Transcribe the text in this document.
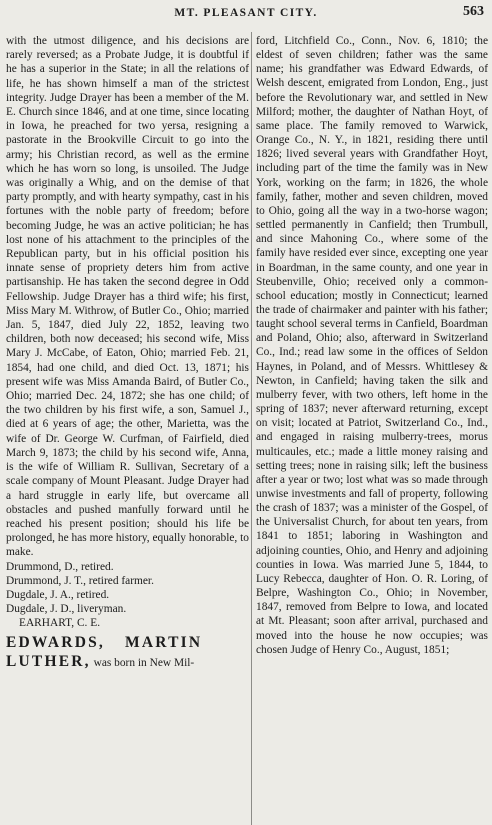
MT. PLEASANT CITY.	563

with the utmost diligence, and his decisions are rarely reversed; as a Probate Judge, it is doubtful if he has a superior in the State; in all the relations of life, he has shown himself a man of the strictest integrity. Judge Drayer has been a member of the M. E. Church since 1846, and at one time, since locating in Iowa, he preached for two yersa, resigning a pastorate in the Brookville Circuit to go into the army; his Christian record, as well as the ermine which he has worn so long, is unsoiled. The Judge was originally a Whig, and on the demise of that party promptly, and with hearty sympathy, cast in his fortunes with the noble party of freedom; before becoming Judge, he was an active politician; he has lost none of his attachment to the principles of the Republican party, but in his official position his innate sense of propriety deters him from active partisanship. He has taken the second degree in Odd Fellowship. Judge Drayer has a third wife; his first, Miss Mary M. Withrow, of Butler Co., Ohio; married Jan. 5, 1847, died July 22, 1852, leaving two children, both now deceased; his second wife, Miss Mary J. McCabe, of Eaton, Ohio; married Feb. 21, 1854, had one child, and died Oct. 13, 1871; his present wife was Miss Amanda Baird, of Butler Co., Ohio; married Dec. 24, 1872; she has one child; of the two children by his first wife, a son, Samuel J., died at 6 years of age; the other, Marietta, was the wife of Dr. George W. Curfman, of Fairfield, died March 9, 1873; the child by his second wife, Anna, is the wife of William R. Sullivan, Secretary of a scale company of Mount Pleasant. Judge Drayer had a hard struggle in early life, but overcame all obstacles and pushed manfully forward until he reached his present position; should his life be prolonged, he has more history, equally honorable, to make.

Drummond, D., retired.

Drummond, J. T., retired farmer.

Dugdale, J. A., retired.

Dugdale, J. D., liveryman.

EARHART, C. E.

EDWARDS, MARTIN
LUTHER, was born in New Mil-

ford, Litchfield Co., Conn., Nov. 6, 1810; the eldest of seven children; father was the same name; his grandfather was Edward Edwards, of Welsh descent, emigrated from London, Eng., just before the Revolutionary war, and settled in New Milford; mother, the daughter of Nathan Hoyt, of same place. The family removed to Warwick, Orange Co., N. Y., in 1821, residing there until 1826; lived several years with Grandfather Hoyt, including part of the time the family was in New York, working on the farm; in 1826, the whole family, father, mother and seven children, moved to Ohio, going all the way in a two-horse wagon; settled permanently in Canfield; then Trumbull, and since Mahoning Co., where some of the family have resided ever since, excepting one year in Boardman, in the same county, and one year in Steubenville, Ohio; received only a common-school education; mostly in Connecticut; learned the trade of chairmaker and painter with his father; taught school several terms in Canfield, Boardman and Poland, Ohio; also, afterward in Switzerland Co., Ind.; read law some in the offices of Seldon Haynes, in Poland, and of Messrs. Whittlesey & Newton, in Canfield; having taken the silk and mulberry fever, with two others, left home in the spring of 1837; never afterward returning, except on visit; located at Patriot, Switzerland Co., Ind., and engaged in raising mulberry-trees, morus multicaules, etc.; made a little money raising and setting trees; none in raising silk; left the business after a year or two; lost what was so made through unwise investments and fall of property, following the crash of 1837; was a minister of the Gospel, of the Universalist Church, for about ten years, from 1841 to 1851; laboring in Washington and adjoining counties, Ohio, and Henry and adjoining counties in Iowa. Was married June 5, 1844, to Lucy Rebecca, daughter of Hon. O. R. Loring, of Belpre, Washington Co., Ohio; in November, 1847, removed from Belpre to Iowa, and located at Mt. Pleasant; soon after arrival, purchased and moved into the house he now occupies; was chosen Judge of Henry Co., August, 1851;
